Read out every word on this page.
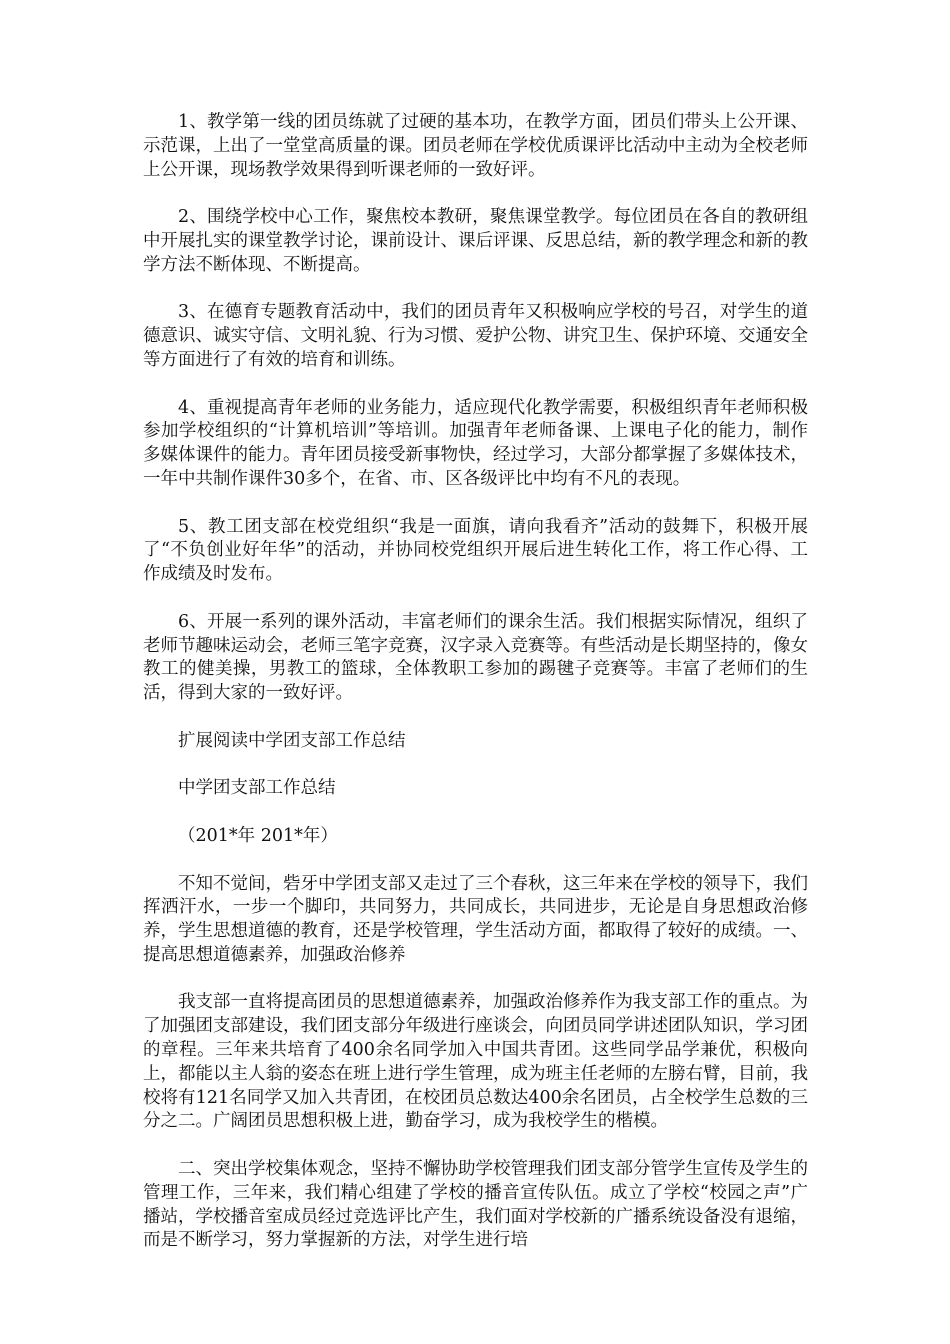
1、教学第一线的团员练就了过硬的基本功，在教学方面，团员们带头上公开课、示范课，上出了一堂堂高质量的课。团员老师在学校优质课评比活动中主动为全校老师上公开课，现场教学效果得到听课老师的一致好评。

2、围绕学校中心工作，聚焦校本教研，聚焦课堂教学。每位团员在各自的教研组中开展扎实的课堂教学讨论，课前设计、课后评课、反思总结，新的教学理念和新的教学方法不断体现、不断提高。

3、在德育专题教育活动中，我们的团员青年又积极响应学校的号召，对学生的道德意识、诚实守信、文明礼貌、行为习惯、爱护公物、讲究卫生、保护环境、交通安全等方面进行了有效的培育和训练。

4、重视提高青年老师的业务能力，适应现代化教学需要，积极组织青年老师积极参加学校组织的“计算机培训”等培训。加强青年老师备课、上课电子化的能力，制作多媒体课件的能力。青年团员接受新事物快，经过学习，大部分都掌握了多媒体技术，一年中共制作课件30多个，在省、市、区各级评比中均有不凡的表现。

5、教工团支部在校党组织“我是一面旗，请向我看齐”活动的鼓舞下，积极开展了“不负创业好年华”的活动，并协同校党组织开展后进生转化工作，将工作心得、工作成绩及时发布。

6、开展一系列的课外活动，丰富老师们的课余生活。我们根据实际情况，组织了老师节趣味运动会，老师三笔字竞赛，汉字录入竞赛等。有些活动是长期坚持的，像女教工的健美操，男教工的篮球，全体教职工参加的踢毽子竞赛等。丰富了老师们的生活，得到大家的一致好评。

扩展阅读中学团支部工作总结

中学团支部工作总结

（201*年 201*年）

不知不觉间，砦牙中学团支部又走过了三个春秋，这三年来在学校的领导下，我们挥洒汗水，一步一个脚印，共同努力，共同成长，共同进步，无论是自身思想政治修养，学生思想道德的教育，还是学校管理，学生活动方面，都取得了较好的成绩。一、提高思想道德素养，加强政治修养

我支部一直将提高团员的思想道德素养，加强政治修养作为我支部工作的重点。为了加强团支部建设，我们团支部分年级进行座谈会，向团员同学讲述团队知识，学习团的章程。三年来共培育了400余名同学加入中国共青团。这些同学品学兼优，积极向上，都能以主人翁的姿态在班上进行学生管理，成为班主任老师的左膀右臂，目前，我校将有121名同学又加入共青团，在校团员总数达400余名团员，占全校学生总数的三分之二。广阔团员思想积极上进，勤奋学习，成为我校学生的楷模。

二、突出学校集体观念，坚持不懈协助学校管理我们团支部分管学生宣传及学生的管理工作，三年来，我们精心组建了学校的播音宣传队伍。成立了学校“校园之声”广播站，学校播音室成员经过竞选评比产生，我们面对学校新的广播系统设备没有退缩，而是不断学习，努力掌握新的方法，对学生进行培
